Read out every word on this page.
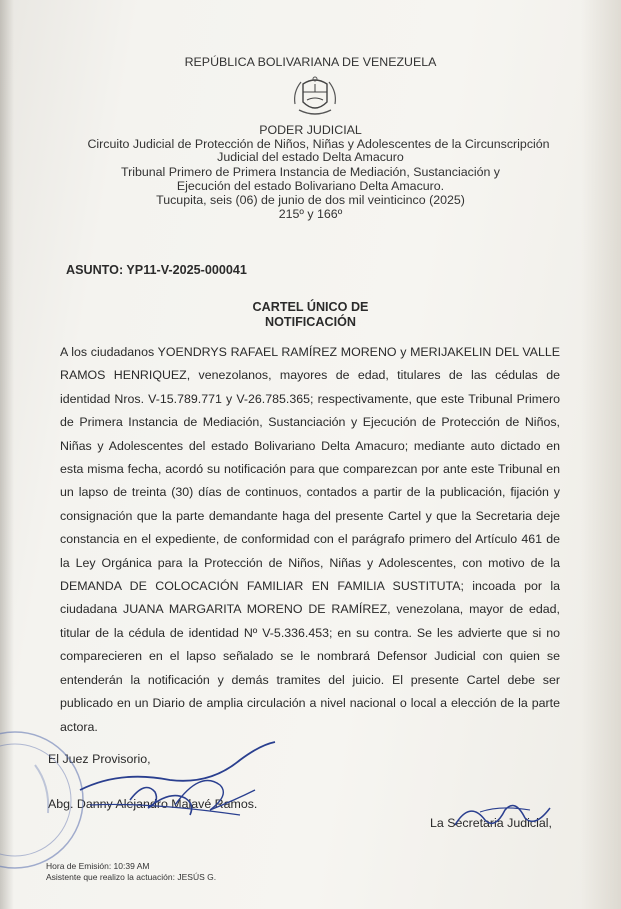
REPÚBLICA BOLIVARIANA DE VENEZUELA
PODER JUDICIAL
Circuito Judicial de Protección de Niños, Niñas y Adolescentes de la Circunscripción
Judicial del estado Delta Amacuro
Tribunal Primero de Primera Instancia de Mediación, Sustanciación y
Ejecución del estado Bolivariano Delta Amacuro.
Tucupita, seis (06) de junio de dos mil veinticinco (2025)
215º y 166º
ASUNTO: YP11-V-2025-000041
CARTEL ÚNICO DE
NOTIFICACIÓN

A los ciudadanos YOENDRYS RAFAEL RAMÍREZ MORENO y MERIJAKELIN DEL VALLE RAMOS HENRIQUEZ, venezolanos, mayores de edad, titulares de las cédulas de identidad Nros. V-15.789.771 y V-26.785.365; respectivamente, que este Tribunal Primero de Primera Instancia de Mediación, Sustanciación y Ejecución de Protección de Niños, Niñas y Adolescentes del estado Bolivariano Delta Amacuro; mediante auto dictado en esta misma fecha, acordó su notificación para que comparezcan por ante este Tribunal en un lapso de treinta (30) días de continuos, contados a partir de la publicación, fijación y consignación que la parte demandante haga del presente Cartel y que la Secretaria deje constancia en el expediente, de conformidad con el parágrafo primero del Artículo 461 de la Ley Orgánica para la Protección de Niños, Niñas y Adolescentes, con motivo de la DEMANDA DE COLOCACIÓN FAMILIAR EN FAMILIA SUSTITUTA; incoada por la ciudadana JUANA MARGARITA MORENO DE RAMÍREZ, venezolana, mayor de edad, titular de la cédula de identidad Nº V-5.336.453; en su contra. Se les advierte que si no comparecieren en el lapso señalado se le nombrará Defensor Judicial con quien se entenderán la notificación y demás tramites del juicio. El presente Cartel debe ser publicado en un Diario de amplia circulación a nivel nacional o local a elección de la parte actora.

El Juez Provisorio,
Abg. Danny Alejandro Malavé Ramos.
La Secretaria Judicial,
Hora de Emisión: 10:39 AM
Asistente que realizo la actuación: JESÚS G.
